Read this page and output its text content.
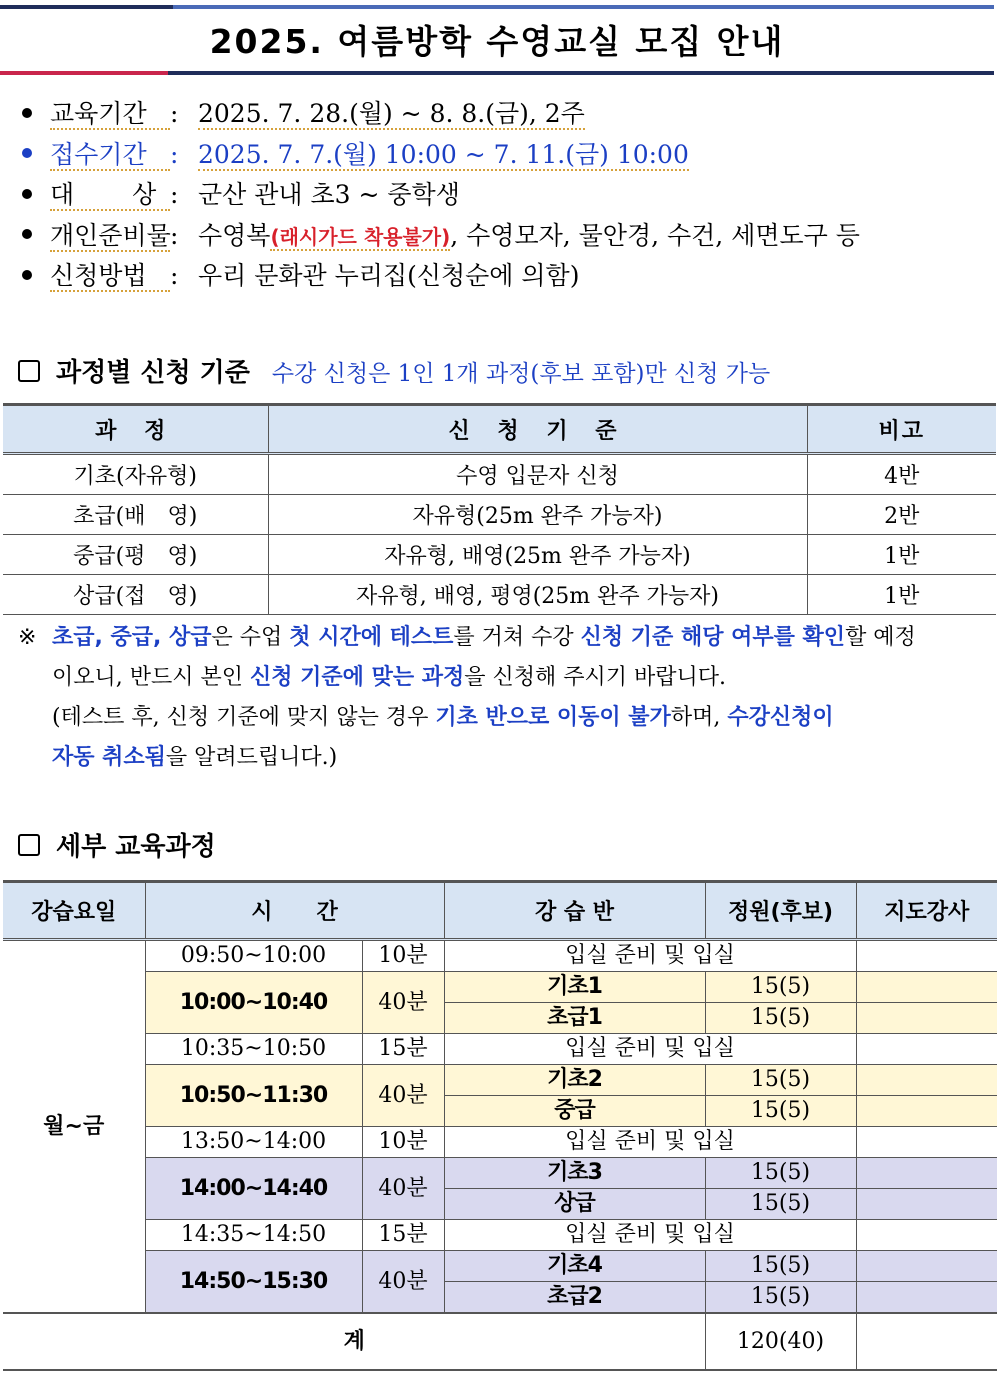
2025. 여름방학 수영교실 모집 안내
교육기간 : 2025. 7. 28.(월) ~ 8. 8.(금), 2주
접수기간 : 2025. 7. 7.(월) 10:00 ~ 7. 11.(금) 10:00
대　 　상 : 군산 관내 초3 ~ 중학생
개인준비물: 수영복(래시가드 착용불가), 수영모자, 물안경, 수건, 세면도구 등
신청방법 : 우리 문화관 누리집(신청순에 의함)
과정별 신청 기준 수강 신청은 1인 1개 과정(후보 포함)만 신청 가능
과 정	신 청 기 준	비고
기초(자유형)	수영 입문자 신청	4반
초급(배　영)	자유형(25m 완주 가능자)	2반
중급(평　영)	자유형, 배영(25m 완주 가능자)	1반
상급(접　영)	자유형, 배영, 평영(25m 완주 가능자)	1반
※ 초급, 중급, 상급은 수업 첫 시간에 테스트를 거쳐 수강 신청 기준 해당 여부를 확인할 예정
이오니, 반드시 본인 신청 기준에 맞는 과정을 신청해 주시기 바랍니다.
(테스트 후, 신청 기준에 맞지 않는 경우 기초 반으로 이동이 불가하며, 수강신청이
자동 취소됨을 알려드립니다.)
세부 교육과정
강습요일	시　　간		강 습 반	정원(후보)	지도강사
월~금	09:50~10:00	10분	입실 준비 및 입실		
	10:00~10:40	40분	기초1	15(5)	
			초급1	15(5)	
	10:35~10:50	15분	입실 준비 및 입실		
	10:50~11:30	40분	기초2	15(5)	
			중급	15(5)	
	13:50~14:00	10분	입실 준비 및 입실		
	14:00~14:40	40분	기초3	15(5)	
			상급	15(5)	
	14:35~14:50	15분	입실 준비 및 입실		
	14:50~15:30	40분	기초4	15(5)	
			초급2	15(5)	
계				120(40)	
